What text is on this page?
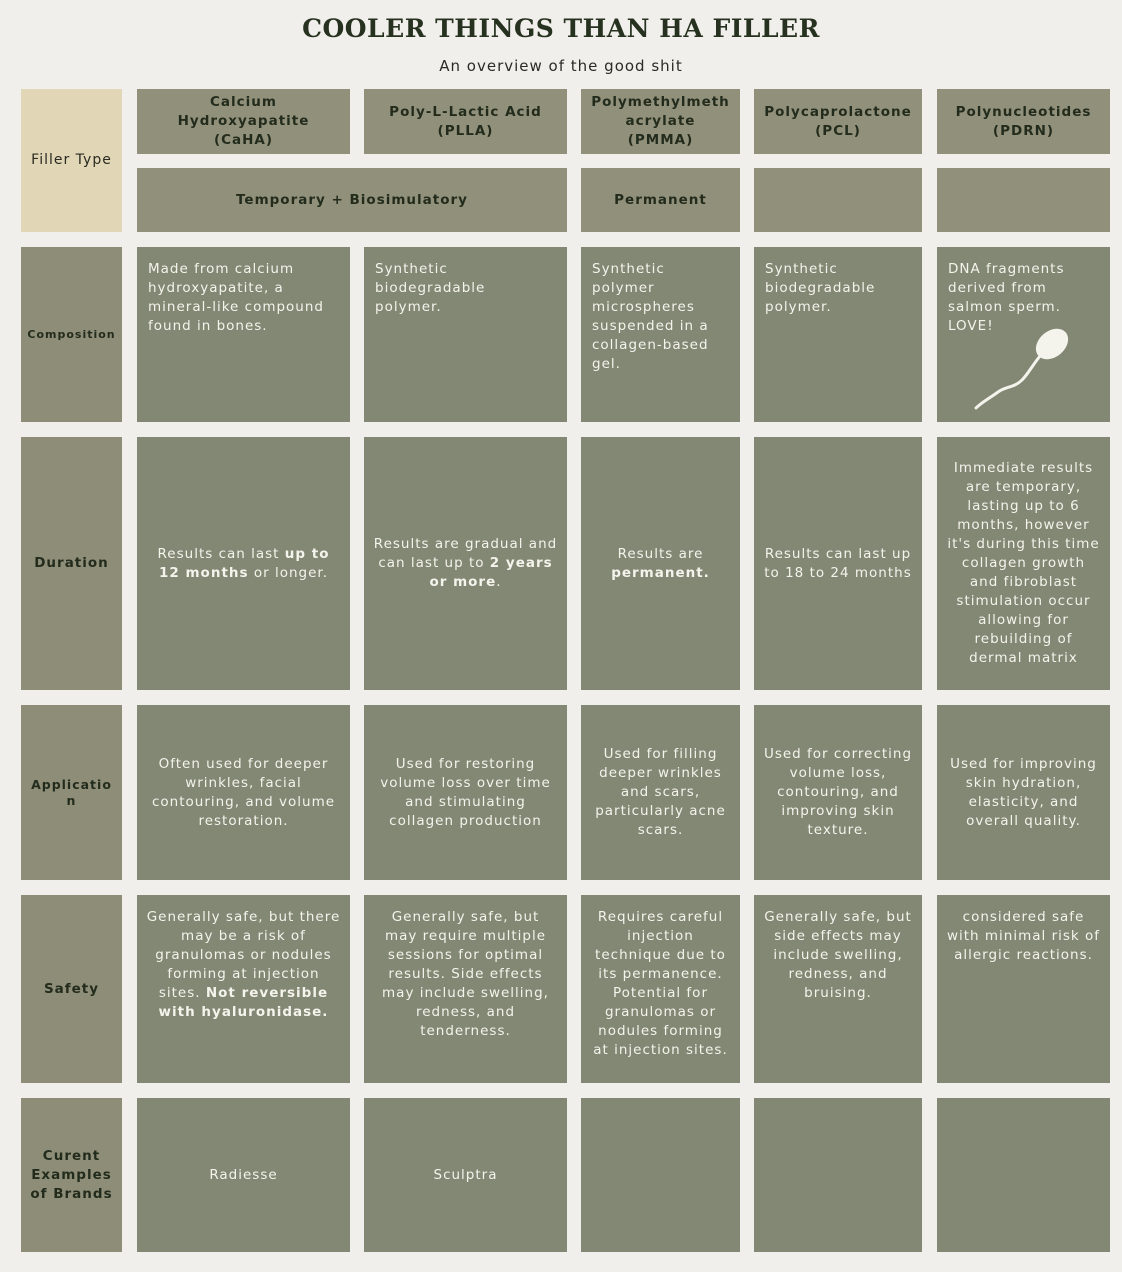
COOLER THINGS THAN HA FILLER
An overview of the good shit
Filler Type
Calcium Hydroxyapatite (CaHA)
Poly-L-Lactic Acid (PLLA)
Polymethylmeth acrylate (PMMA)
Polycaprolactone (PCL)
Polynucleotides (PDRN)
Temporary + Biosimulatory	Permanent
Composition
Made from calcium hydroxyapatite, a mineral-like compound found in bones.
Synthetic biodegradable polymer.
Synthetic polymer microspheres suspended in a collagen-based gel.
Synthetic biodegradable polymer.
DNA fragments derived from salmon sperm. LOVE!
Duration
Results can last up to 12 months or longer.
Results are gradual and can last up to 2 years or more.
Results are permanent.
Results can last up to 18 to 24 months
Immediate results are temporary, lasting up to 6 months, however it's during this time collagen growth and fibroblast stimulation occur allowing for rebuilding of dermal matrix
Applicatio n
Often used for deeper wrinkles, facial contouring, and volume restoration.
Used for restoring volume loss over time and stimulating collagen production
Used for filling deeper wrinkles and scars, particularly acne scars.
Used for correcting volume loss, contouring, and improving skin texture.
Used for improving skin hydration, elasticity, and overall quality.
Safety
Generally safe, but there may be a risk of granulomas or nodules forming at injection sites. Not reversible with hyaluronidase.
Generally safe, but may require multiple sessions for optimal results. Side effects may include swelling, redness, and tenderness.
Requires careful injection technique due to its permanence. Potential for granulomas or nodules forming at injection sites.
Generally safe, but side effects may include swelling, redness, and bruising.
considered safe with minimal risk of allergic reactions.
Curent Examples of Brands
Radiesse	Sculptra
